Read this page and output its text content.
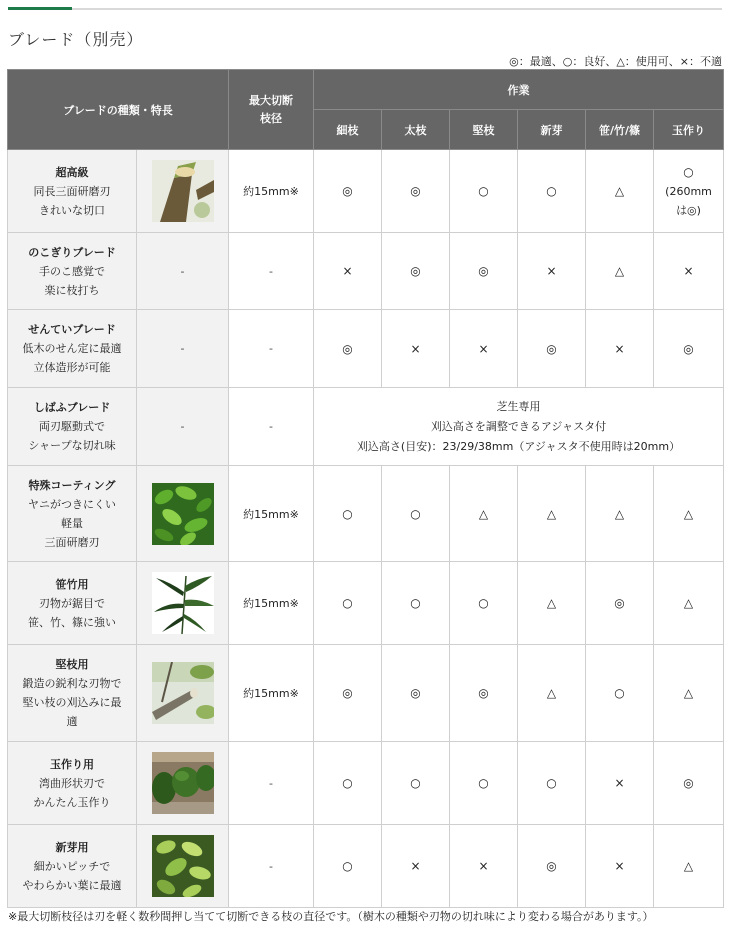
ブレード（別売）
◎：最適、○：良好、△：使用可、×：不適
ブレードの種類・特長		最大切断
枝径	作業					
			細枝	太枝	堅枝	新芽	笹/竹/篠	玉作り

超高級
同長三面研磨刃
きれいな切口		約15mm※	◎	◎	○	○	△	○
(260mm
は◎)

のこぎりブレード
手のこ感覚で
楽に枝打ち	-	-	×	◎	◎	×	△	×

せんていブレード
低木のせん定に最適
立体造形が可能	-	-	◎	×	×	◎	×	◎

しばふブレード
両刃駆動式で
シャープな切れ味	-	-	芝生専用
刈込高さを調整できるアジャスタ付
刈込高さ(目安)：23/29/38mm（アジャスタ不使用時は20mm）					

特殊コーティング
ヤニがつきにくい
軽量
三面研磨刃		約15mm※	○	○	△	△	△	△

笹竹用
刃物が鋸目で
笹、竹、篠に強い		約15mm※	○	○	○	△	◎	△

堅枝用
鍛造の鋭利な刃物で
堅い枝の刈込みに最
適		約15mm※	◎	◎	◎	△	○	△

玉作り用
湾曲形状刃で
かんたん玉作り		-	○	○	○	○	×	◎

新芽用
細かいピッチで
やわらかい葉に最適		-	○	×	×	◎	×	△
※最大切断枝径は刃を軽く数秒間押し当てて切断できる枝の直径です。（樹木の種類や刃物の切れ味により変わる場合があります。）
